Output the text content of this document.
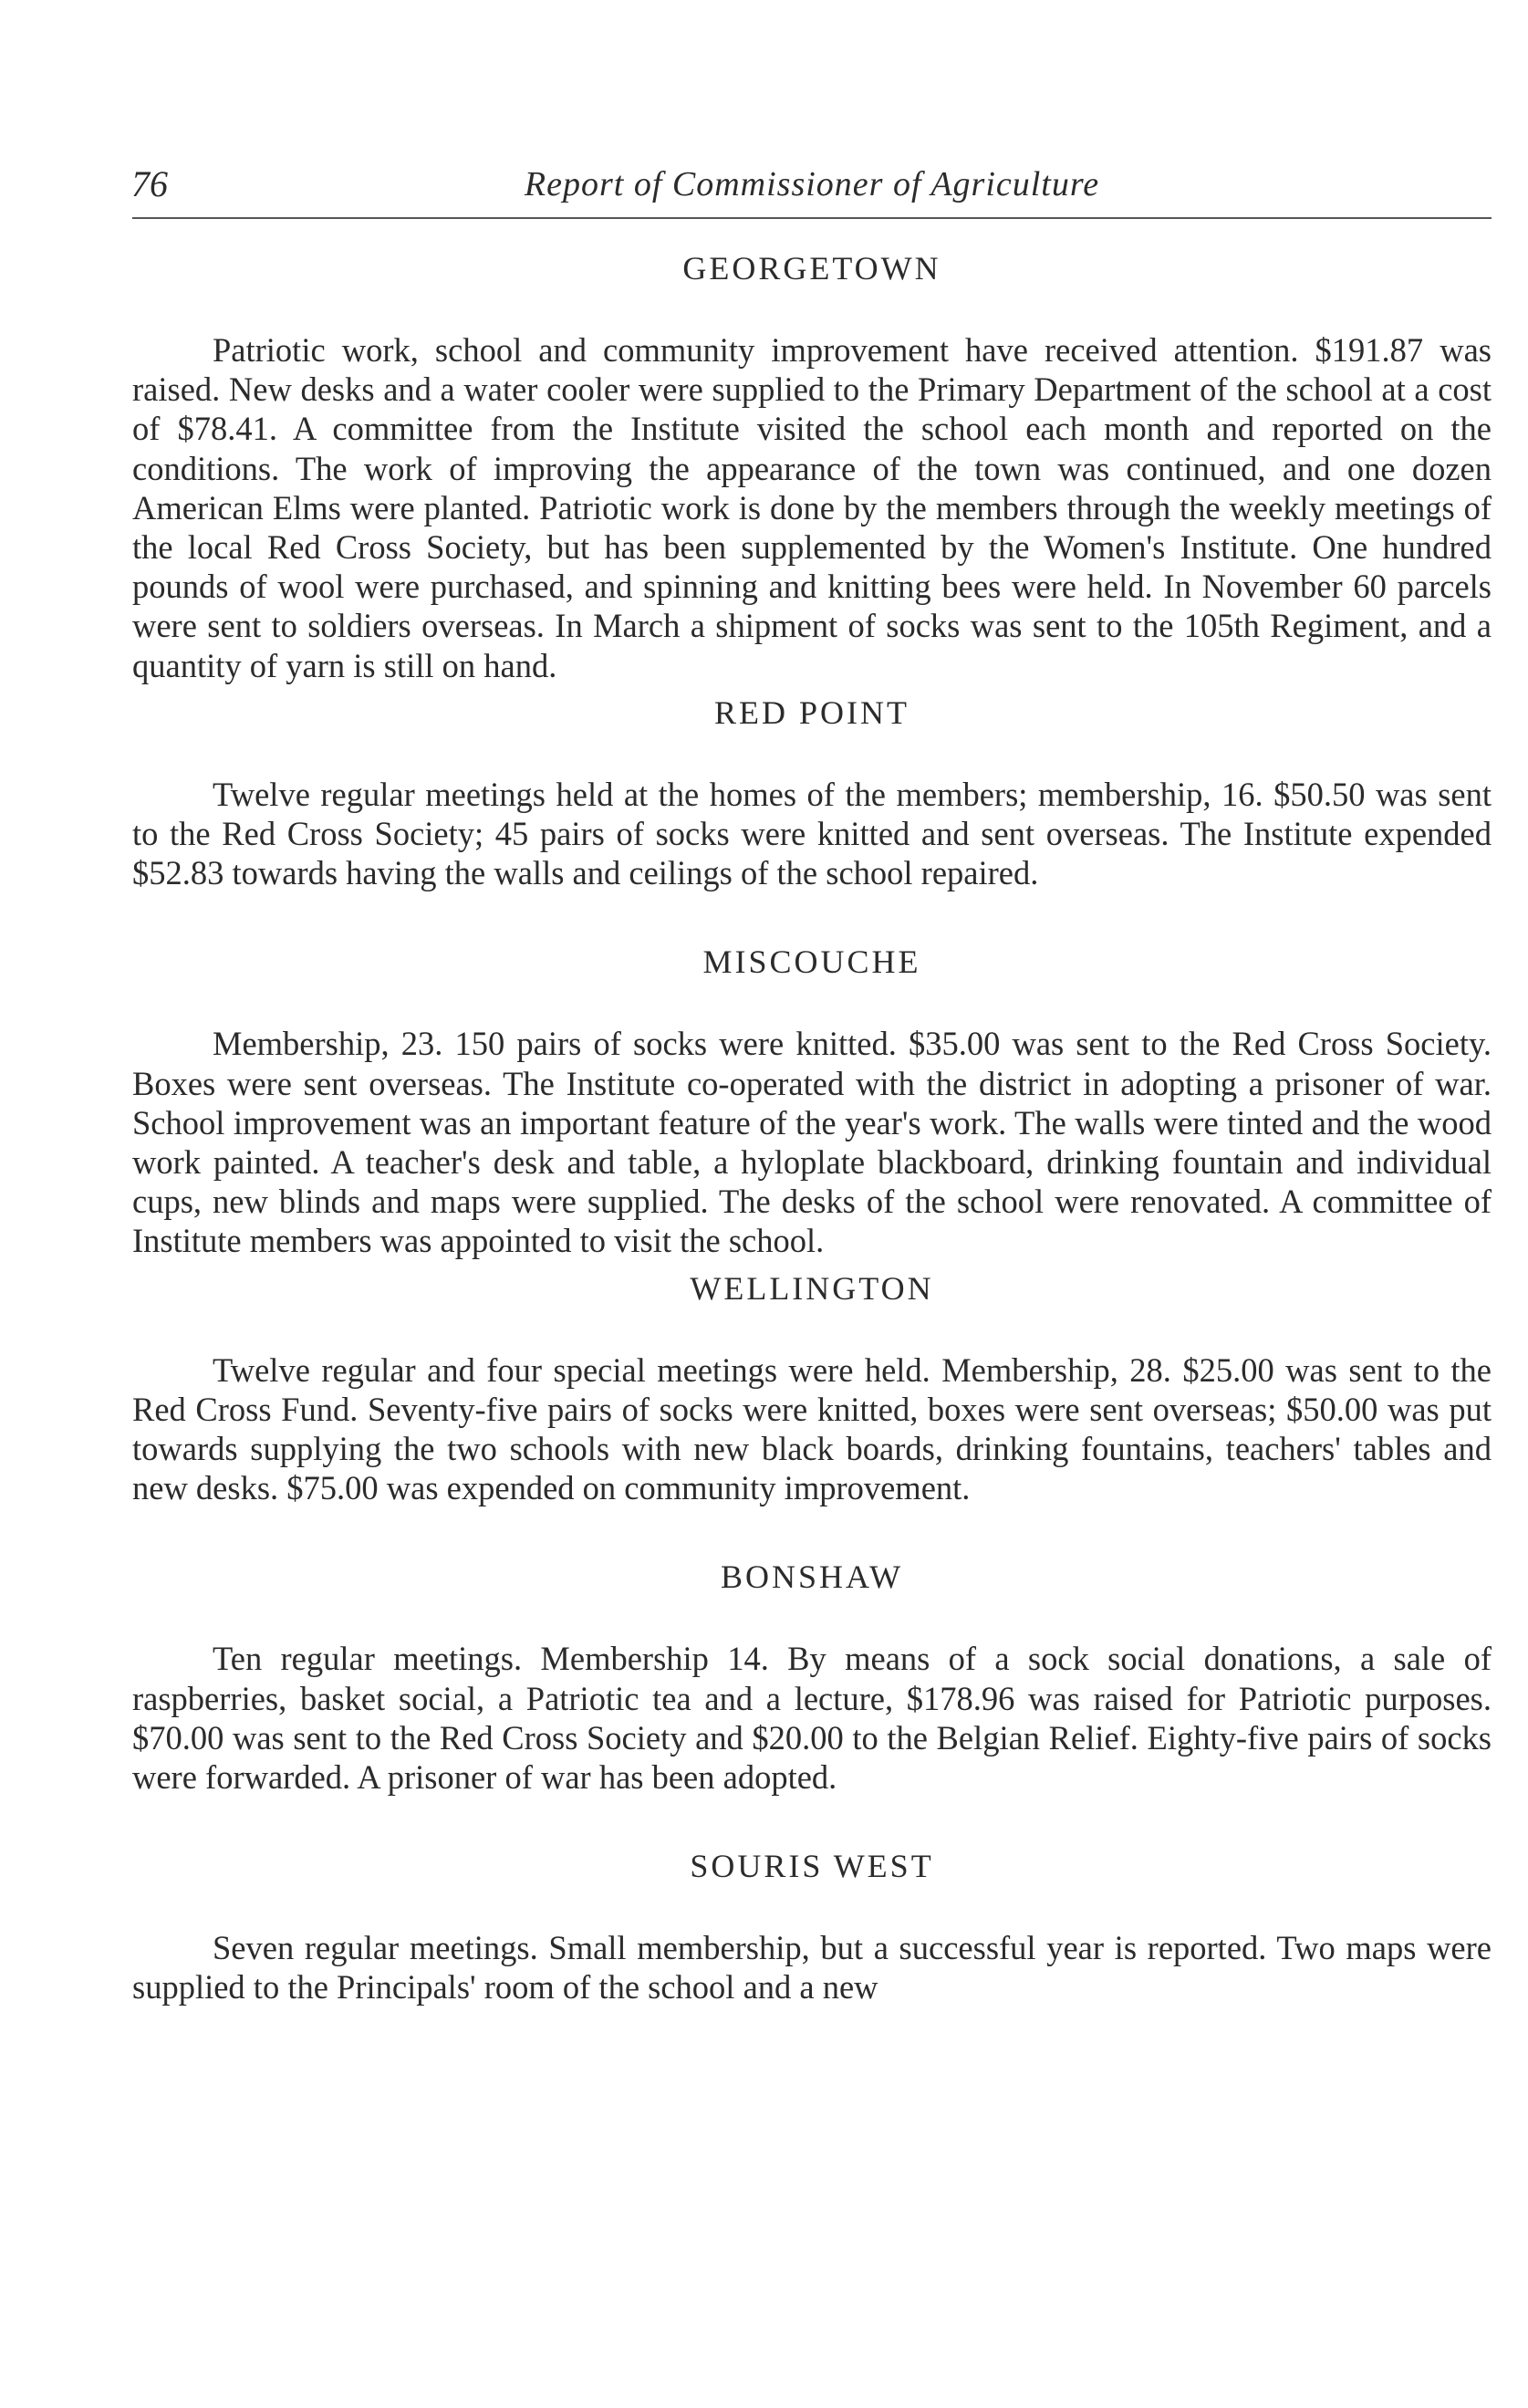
76	Report of Commissioner of Agriculture
GEORGETOWN

Patriotic work, school and community improvement have received attention. $191.87 was raised. New desks and a water cooler were supplied to the Primary Department of the school at a cost of $78.41. A committee from the Institute visited the school each month and reported on the conditions. The work of improving the appearance of the town was continued, and one dozen American Elms were planted. Patriotic work is done by the members through the weekly meetings of the local Red Cross Society, but has been supplemented by the Women's Institute. One hundred pounds of wool were purchased, and spinning and knitting bees were held. In November 60 parcels were sent to soldiers overseas. In March a shipment of socks was sent to the 105th Regiment, and a quantity of yarn is still on hand.

RED POINT

Twelve regular meetings held at the homes of the members; membership, 16. $50.50 was sent to the Red Cross Society; 45 pairs of socks were knitted and sent overseas. The Institute expended $52.83 towards having the walls and ceilings of the school repaired.

MISCOUCHE

Membership, 23. 150 pairs of socks were knitted. $35.00 was sent to the Red Cross Society. Boxes were sent overseas. The Institute co-operated with the district in adopting a prisoner of war. School improvement was an important feature of the year's work. The walls were tinted and the wood work painted. A teacher's desk and table, a hyloplate blackboard, drinking fountain and individual cups, new blinds and maps were supplied. The desks of the school were renovated. A committee of Institute members was appointed to visit the school.

WELLINGTON

Twelve regular and four special meetings were held. Membership, 28. $25.00 was sent to the Red Cross Fund. Seventy-five pairs of socks were knitted, boxes were sent overseas; $50.00 was put towards supplying the two schools with new black boards, drinking fountains, teachers' tables and new desks. $75.00 was expended on community improvement.

BONSHAW

Ten regular meetings. Membership 14. By means of a sock social donations, a sale of raspberries, basket social, a Patriotic tea and a lecture, $178.96 was raised for Patriotic purposes. $70.00 was sent to the Red Cross Society and $20.00 to the Belgian Relief. Eighty-five pairs of socks were forwarded. A prisoner of war has been adopted.

SOURIS WEST

Seven regular meetings. Small membership, but a successful year is reported. Two maps were supplied to the Principals' room of the school and a new
